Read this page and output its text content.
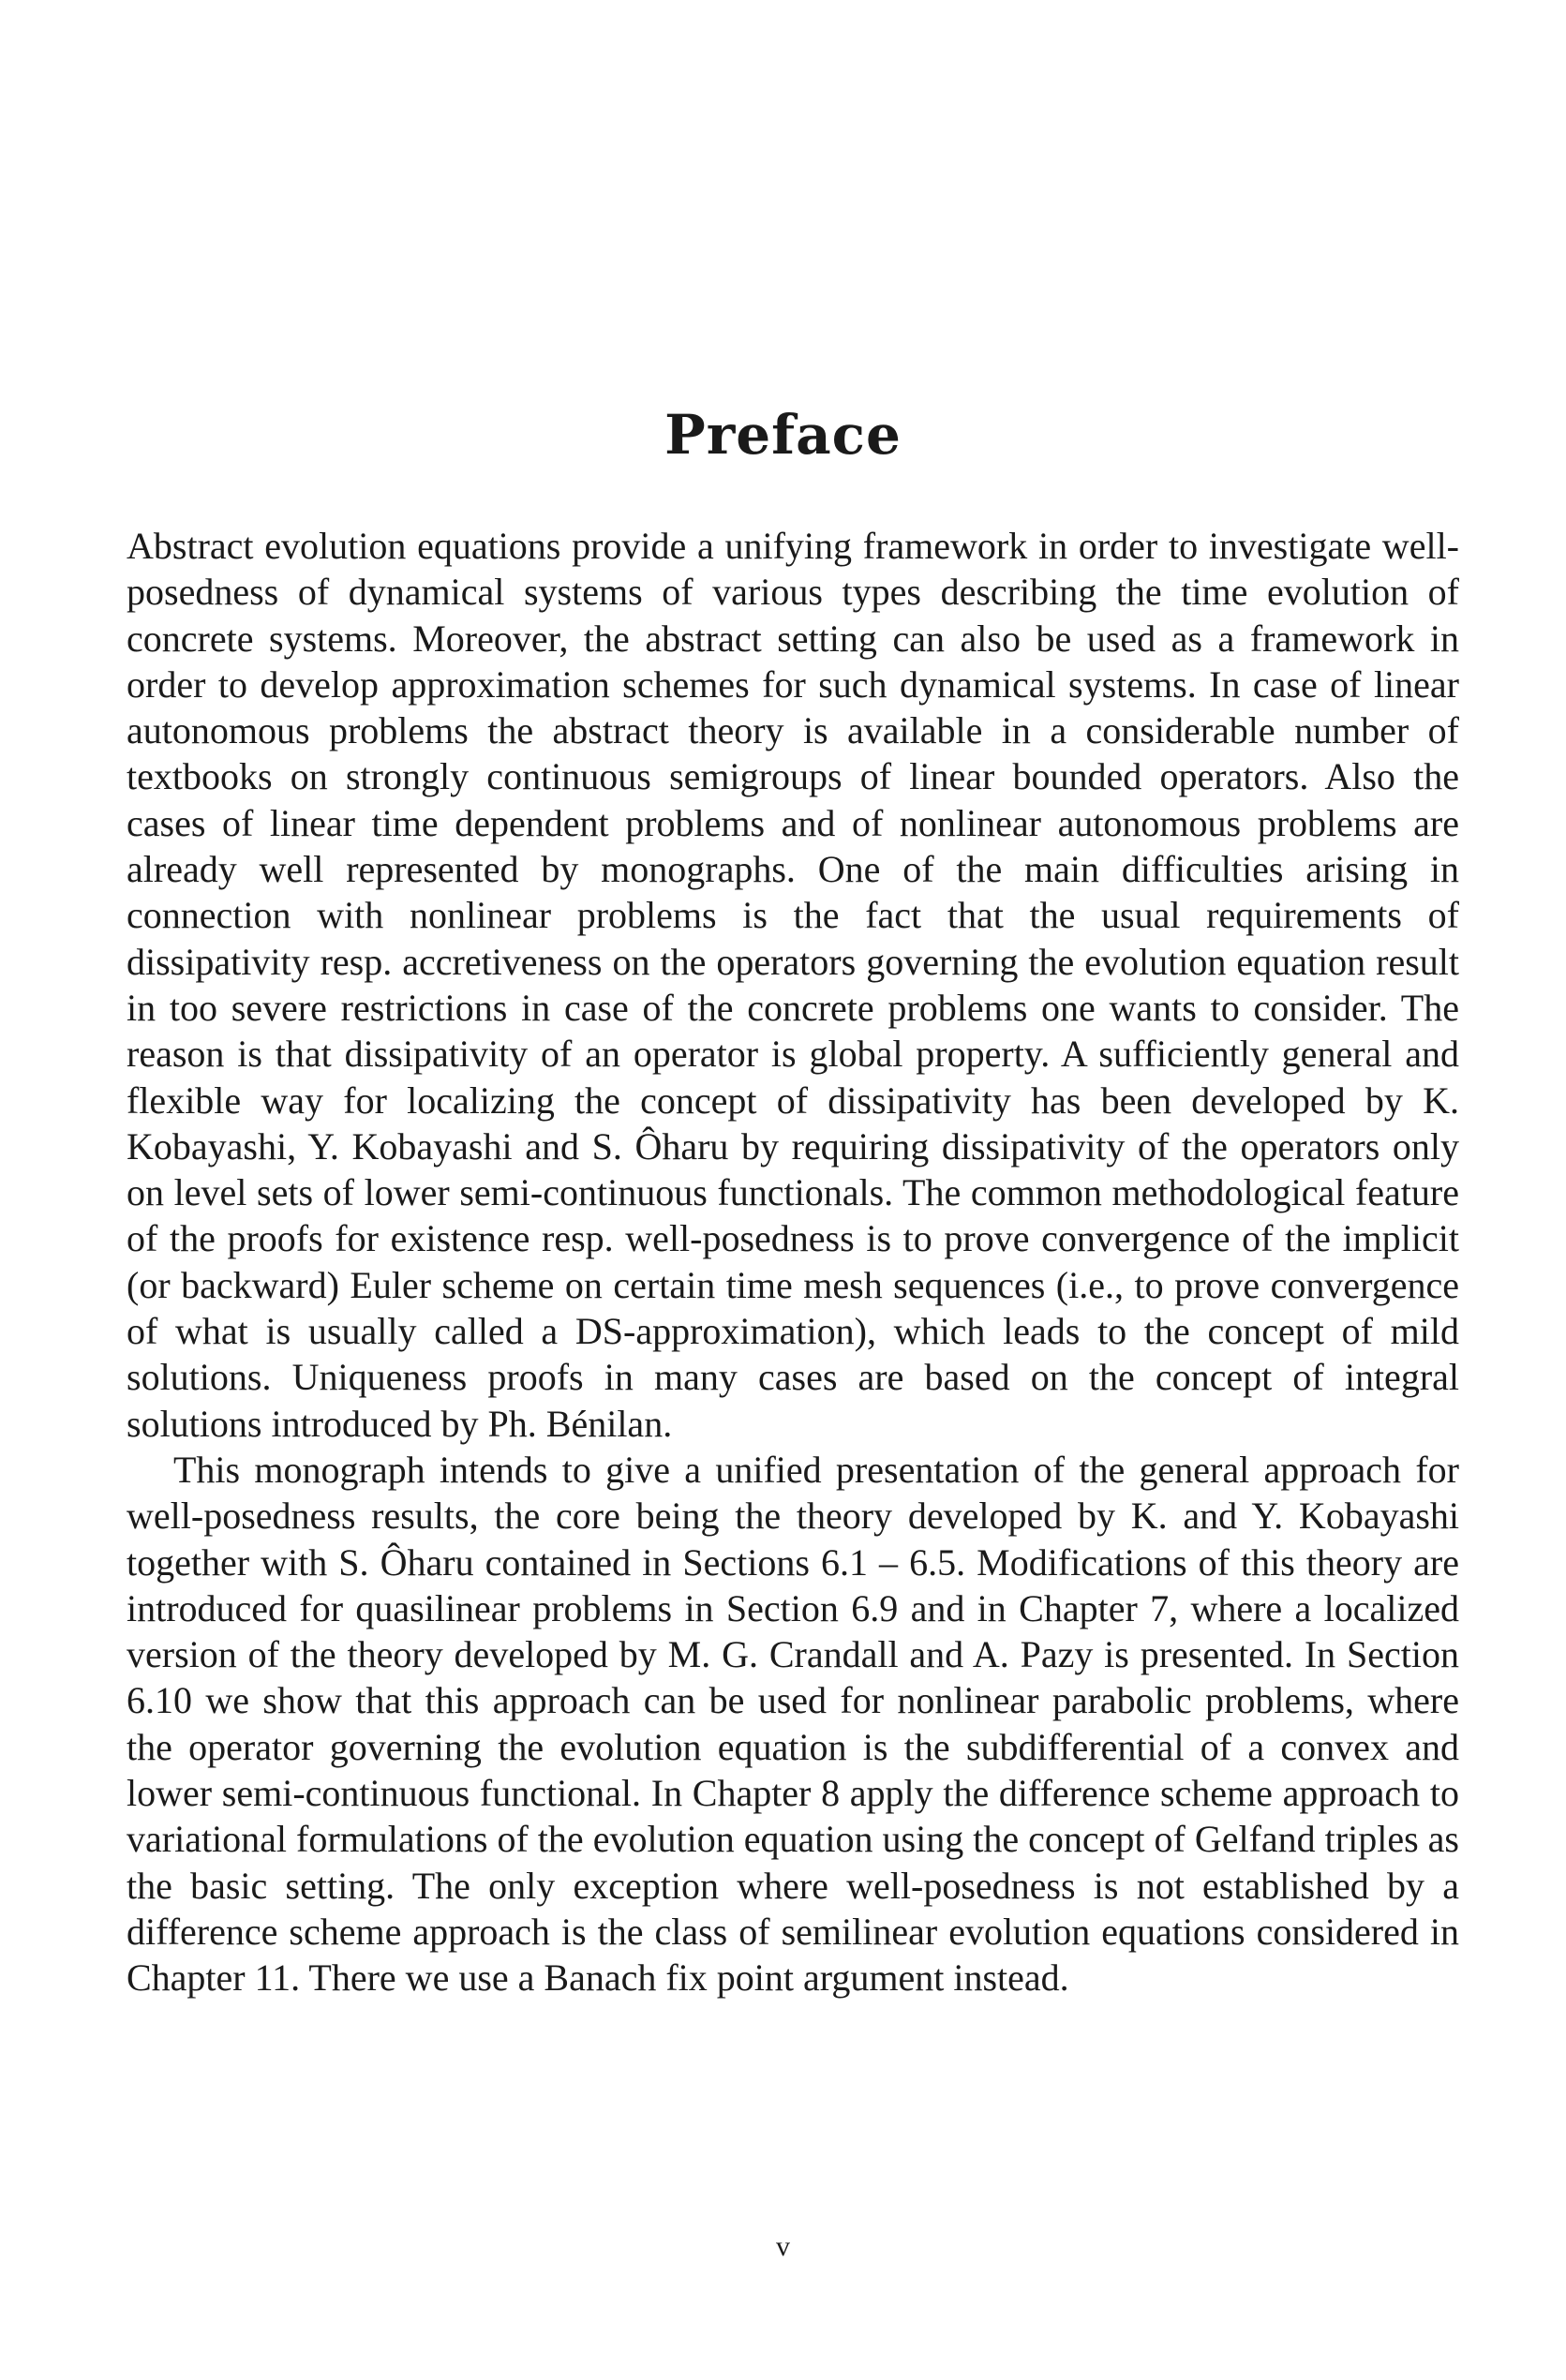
Preface

Abstract evolution equations provide a unifying framework in order to investigate well-posedness of dynamical systems of various types describing the time evolution of concrete systems. Moreover, the abstract setting can also be used as a framework in order to develop approximation schemes for such dynamical systems. In case of linear autonomous problems the abstract theory is available in a considerable number of textbooks on strongly continuous semigroups of linear bounded operators. Also the cases of linear time dependent problems and of nonlinear autonomous problems are already well represented by monographs. One of the main difficulties arising in connection with nonlinear problems is the fact that the usual requirements of dissipativity resp. accretiveness on the operators governing the evolution equation result in too severe restrictions in case of the concrete problems one wants to consider. The reason is that dissipativity of an operator is global property. A sufficiently general and flexible way for localizing the concept of dissipativity has been developed by K. Kobayashi, Y. Kobayashi and S. Ôharu by requiring dissipativity of the operators only on level sets of lower semi-continuous functionals. The common methodological feature of the proofs for existence resp. well-posedness is to prove convergence of the implicit (or backward) Euler scheme on certain time mesh sequences (i.e., to prove convergence of what is usually called a DS-approximation), which leads to the concept of mild solutions. Uniqueness proofs in many cases are based on the concept of integral solutions introduced by Ph. Bénilan.

This monograph intends to give a unified presentation of the general approach for well-posedness results, the core being the theory developed by K. and Y. Kobayashi together with S. Ôharu contained in Sections 6.1 – 6.5. Modifications of this theory are introduced for quasilinear problems in Section 6.9 and in Chapter 7, where a localized version of the theory developed by M. G. Crandall and A. Pazy is presented. In Section 6.10 we show that this approach can be used for nonlinear parabolic problems, where the operator governing the evolution equation is the subdifferential of a convex and lower semi-continuous functional. In Chapter 8 apply the difference scheme approach to variational formulations of the evolution equation using the concept of Gelfand triples as the basic setting. The only exception where well-posedness is not established by a difference scheme approach is the class of semilinear evolution equations considered in Chapter 11. There we use a Banach fix point argument instead.

v
